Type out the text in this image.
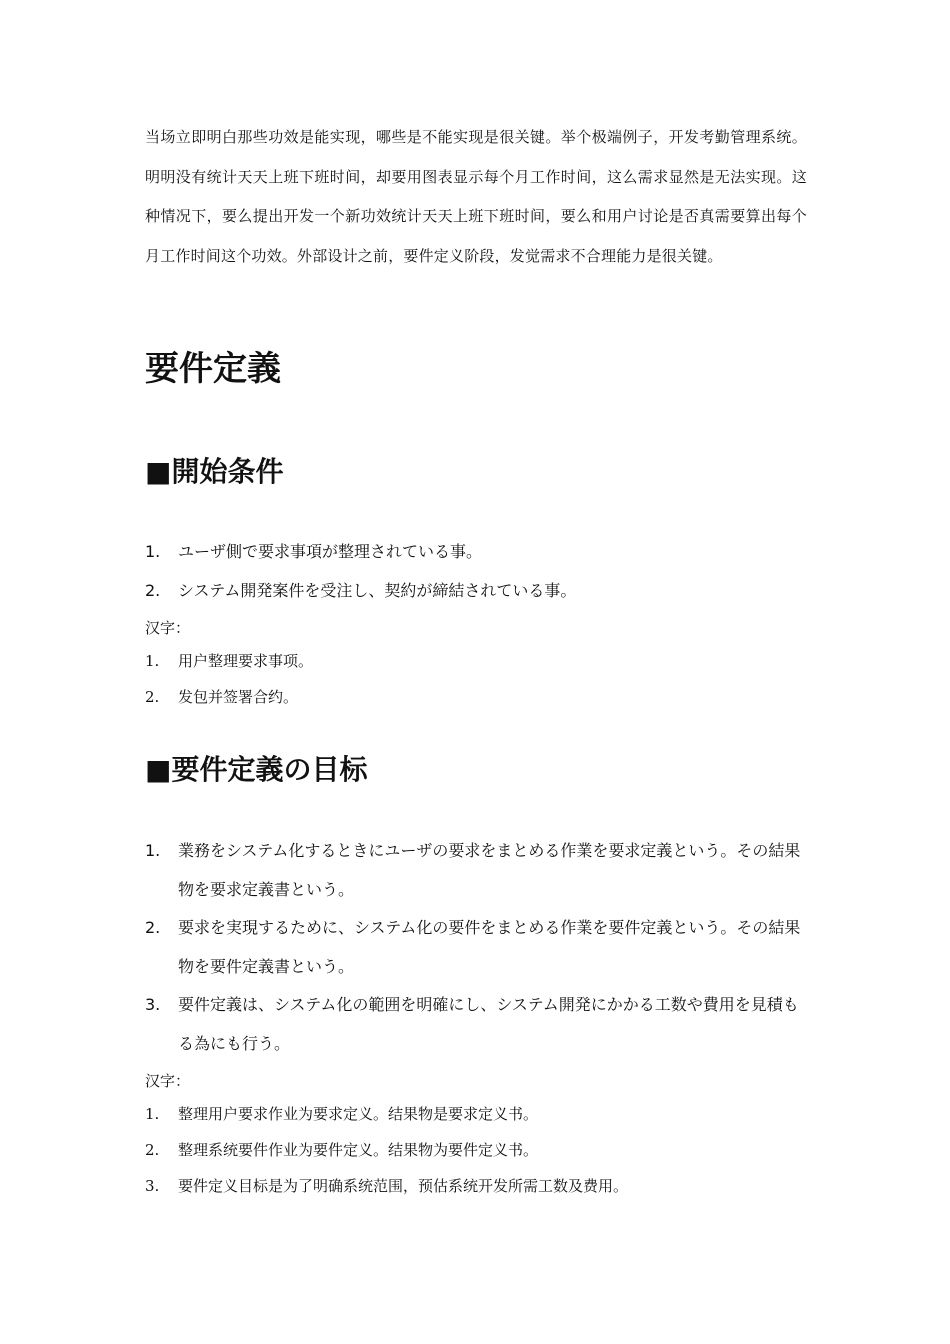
当场立即明白那些功效是能实现，哪些是不能实现是很关键。举个极端例子，开发考勤管理系统。明明没有统计天天上班下班时间，却要用图表显示每个月工作时间，这么需求显然是无法实现。这种情况下，要么提出开发一个新功效统计天天上班下班时间，要么和用户讨论是否真需要算出每个月工作时间这个功效。外部设计之前，要件定义阶段，发觉需求不合理能力是很关键。

要件定義
■開始条件
1. ユーザ側で要求事項が整理されている事。
2. システム開発案件を受注し、契約が締結されている事。
汉字：
1. 用户整理要求事项。
2. 发包并签署合约。
■要件定義の目标
1. 業務をシステム化するときにユーザの要求をまとめる作業を要求定義という。その結果物を要求定義書という。
2. 要求を実現するために、システム化の要件をまとめる作業を要件定義という。その結果物を要件定義書という。
3. 要件定義は、システム化の範囲を明確にし、システム開発にかかる工数や費用を見積もる為にも行う。
汉字：
1. 整理用户要求作业为要求定义。结果物是要求定义书。
2. 整理系统要件作业为要件定义。结果物为要件定义书。
3. 要件定义目标是为了明确系统范围，预估系统开发所需工数及费用。
